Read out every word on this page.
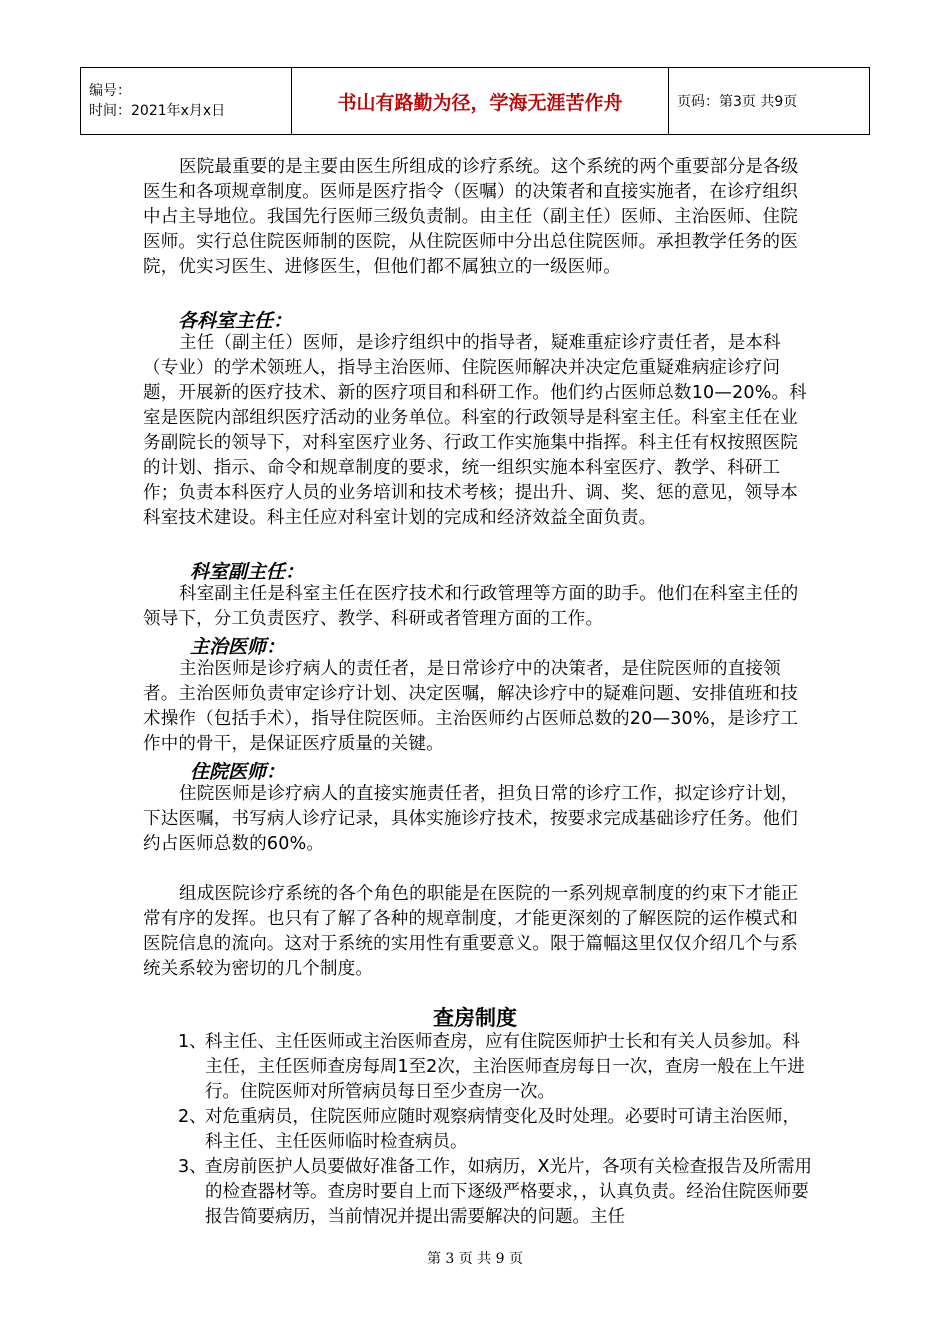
编号：
时间：2021年x月x日	书山有路勤为径，学海无涯苦作舟	页码：第3页 共9页

医院最重要的是主要由医生所组成的诊疗系统。这个系统的两个重要部分是各级医生和各项规章制度。医师是医疗指令（医嘱）的决策者和直接实施者，在诊疗组织中占主导地位。我国先行医师三级负责制。由主任（副主任）医师、主治医师、住院医师。实行总住院医师制的医院，从住院医师中分出总住院医师。承担教学任务的医院，优实习医生、进修医生，但他们都不属独立的一级医师。

各科室主任：

主任（副主任）医师，是诊疗组织中的指导者，疑难重症诊疗责任者，是本科（专业）的学术领班人，指导主治医师、住院医师解决并决定危重疑难病症诊疗问题，开展新的医疗技术、新的医疗项目和科研工作。他们约占医师总数10—20%。科室是医院内部组织医疗活动的业务单位。科室的行政领导是科室主任。科室主任在业务副院长的领导下，对科室医疗业务、行政工作实施集中指挥。科主任有权按照医院的计划、指示、命令和规章制度的要求，统一组织实施本科室医疗、教学、科研工作；负责本科医疗人员的业务培训和技术考核；提出升、调、奖、惩的意见，领导本科室技术建设。科主任应对科室计划的完成和经济效益全面负责。

科室副主任：

科室副主任是科室主任在医疗技术和行政管理等方面的助手。他们在科室主任的领导下，分工负责医疗、教学、科研或者管理方面的工作。

主治医师：

主治医师是诊疗病人的责任者，是日常诊疗中的决策者，是住院医师的直接领者。主治医师负责审定诊疗计划、决定医嘱，解决诊疗中的疑难问题、安排值班和技术操作（包括手术），指导住院医师。主治医师约占医师总数的20—30%，是诊疗工作中的骨干，是保证医疗质量的关键。

住院医师：

住院医师是诊疗病人的直接实施责任者，担负日常的诊疗工作，拟定诊疗计划，下达医嘱，书写病人诊疗记录，具体实施诊疗技术，按要求完成基础诊疗任务。他们约占医师总数的60%。

组成医院诊疗系统的各个角色的职能是在医院的一系列规章制度的约束下才能正常有序的发挥。也只有了解了各种的规章制度，才能更深刻的了解医院的运作模式和医院信息的流向。这对于系统的实用性有重要意义。限于篇幅这里仅仅介绍几个与系统关系较为密切的几个制度。

查房制度
1、
科主任、主任医师或主治医师查房，应有住院医师护士长和有关人员参加。科主任，主任医师查房每周1至2次，主治医师查房每日一次，查房一般在上午进行。住院医师对所管病员每日至少查房一次。
2、
对危重病员，住院医师应随时观察病情变化及时处理。必要时可请主治医师，科主任、主任医师临时检查病员。
3、
查房前医护人员要做好准备工作，如病历，X光片，各项有关检查报告及所需用的检查器材等。查房时要自上而下逐级严格要求，，认真负责。经治住院医师要报告简要病历，当前情况并提出需要解决的问题。主任
第 3 页 共 9 页
